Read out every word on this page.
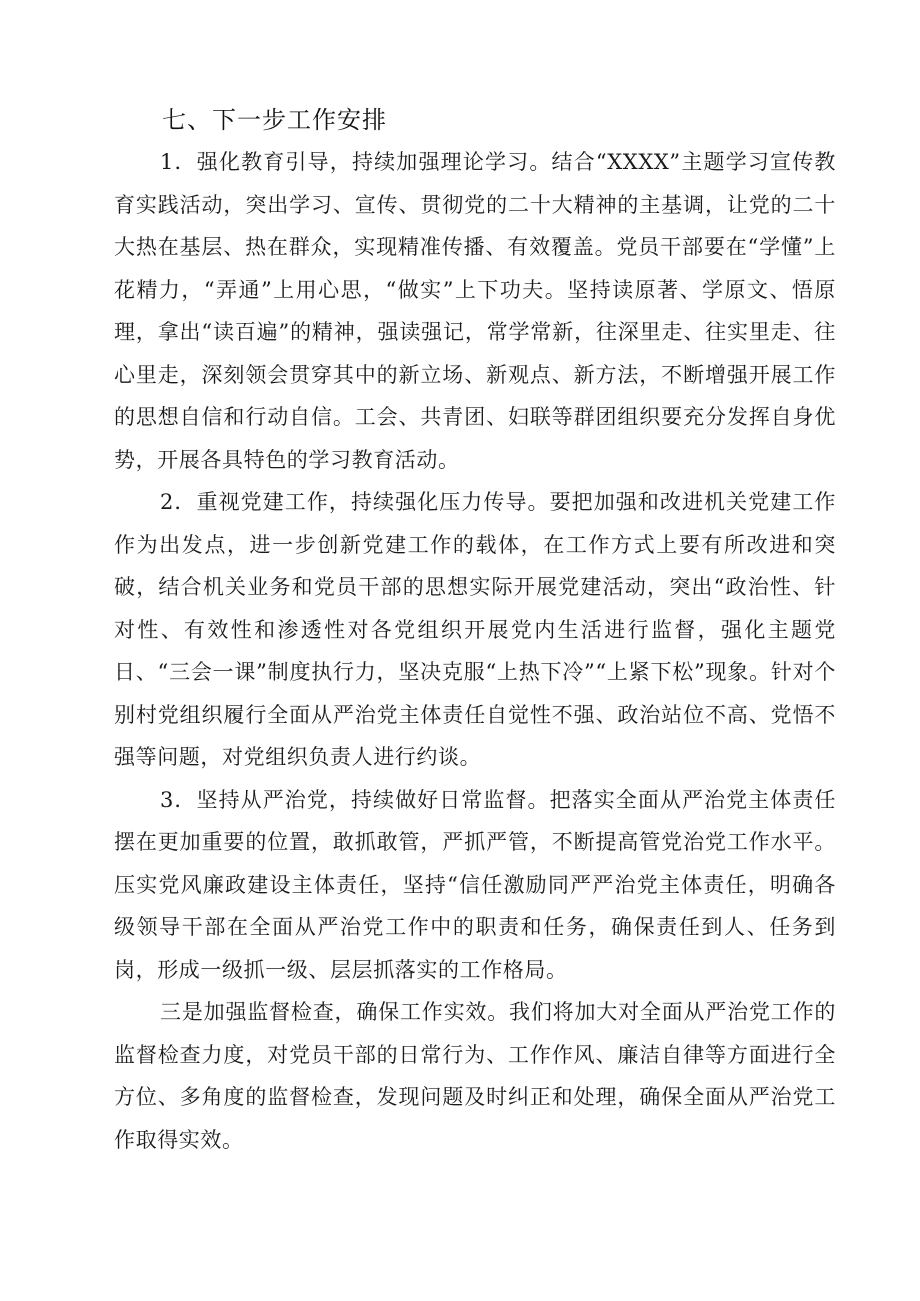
七、下一步工作安排

1．强化教育引导，持续加强理论学习。结合“XXXX”主题学习宣传教育实践活动，突出学习、宣传、贯彻党的二十大精神的主基调，让党的二十大热在基层、热在群众，实现精准传播、有效覆盖。党员干部要在“学懂”上花精力，“弄通”上用心思，“做实”上下功夫。坚持读原著、学原文、悟原理，拿出“读百遍”的精神，强读强记，常学常新，往深里走、往实里走、往心里走，深刻领会贯穿其中的新立场、新观点、新方法，不断增强开展工作的思想自信和行动自信。工会、共青团、妇联等群团组织要充分发挥自身优势，开展各具特色的学习教育活动。

2．重视党建工作，持续强化压力传导。要把加强和改进机关党建工作作为出发点，进一步创新党建工作的载体，在工作方式上要有所改进和突破，结合机关业务和党员干部的思想实际开展党建活动，突出“政治性、针对性、有效性和渗透性对各党组织开展党内生活进行监督，强化主题党日、“三会一课”制度执行力，坚决克服“上热下冷”“上紧下松”现象。针对个别村党组织履行全面从严治党主体责任自觉性不强、政治站位不高、党悟不强等问题，对党组织负责人进行约谈。

3．坚持从严治党，持续做好日常监督。把落实全面从严治党主体责任摆在更加重要的位置，敢抓敢管，严抓严管，不断提高管党治党工作水平。压实党风廉政建设主体责任，坚持“信任激励同严严治党主体责任，明确各级领导干部在全面从严治党工作中的职责和任务，确保责任到人、任务到岗，形成一级抓一级、层层抓落实的工作格局。

三是加强监督检查，确保工作实效。我们将加大对全面从严治党工作的监督检查力度，对党员干部的日常行为、工作作风、廉洁自律等方面进行全方位、多角度的监督检查，发现问题及时纠正和处理，确保全面从严治党工作取得实效。
